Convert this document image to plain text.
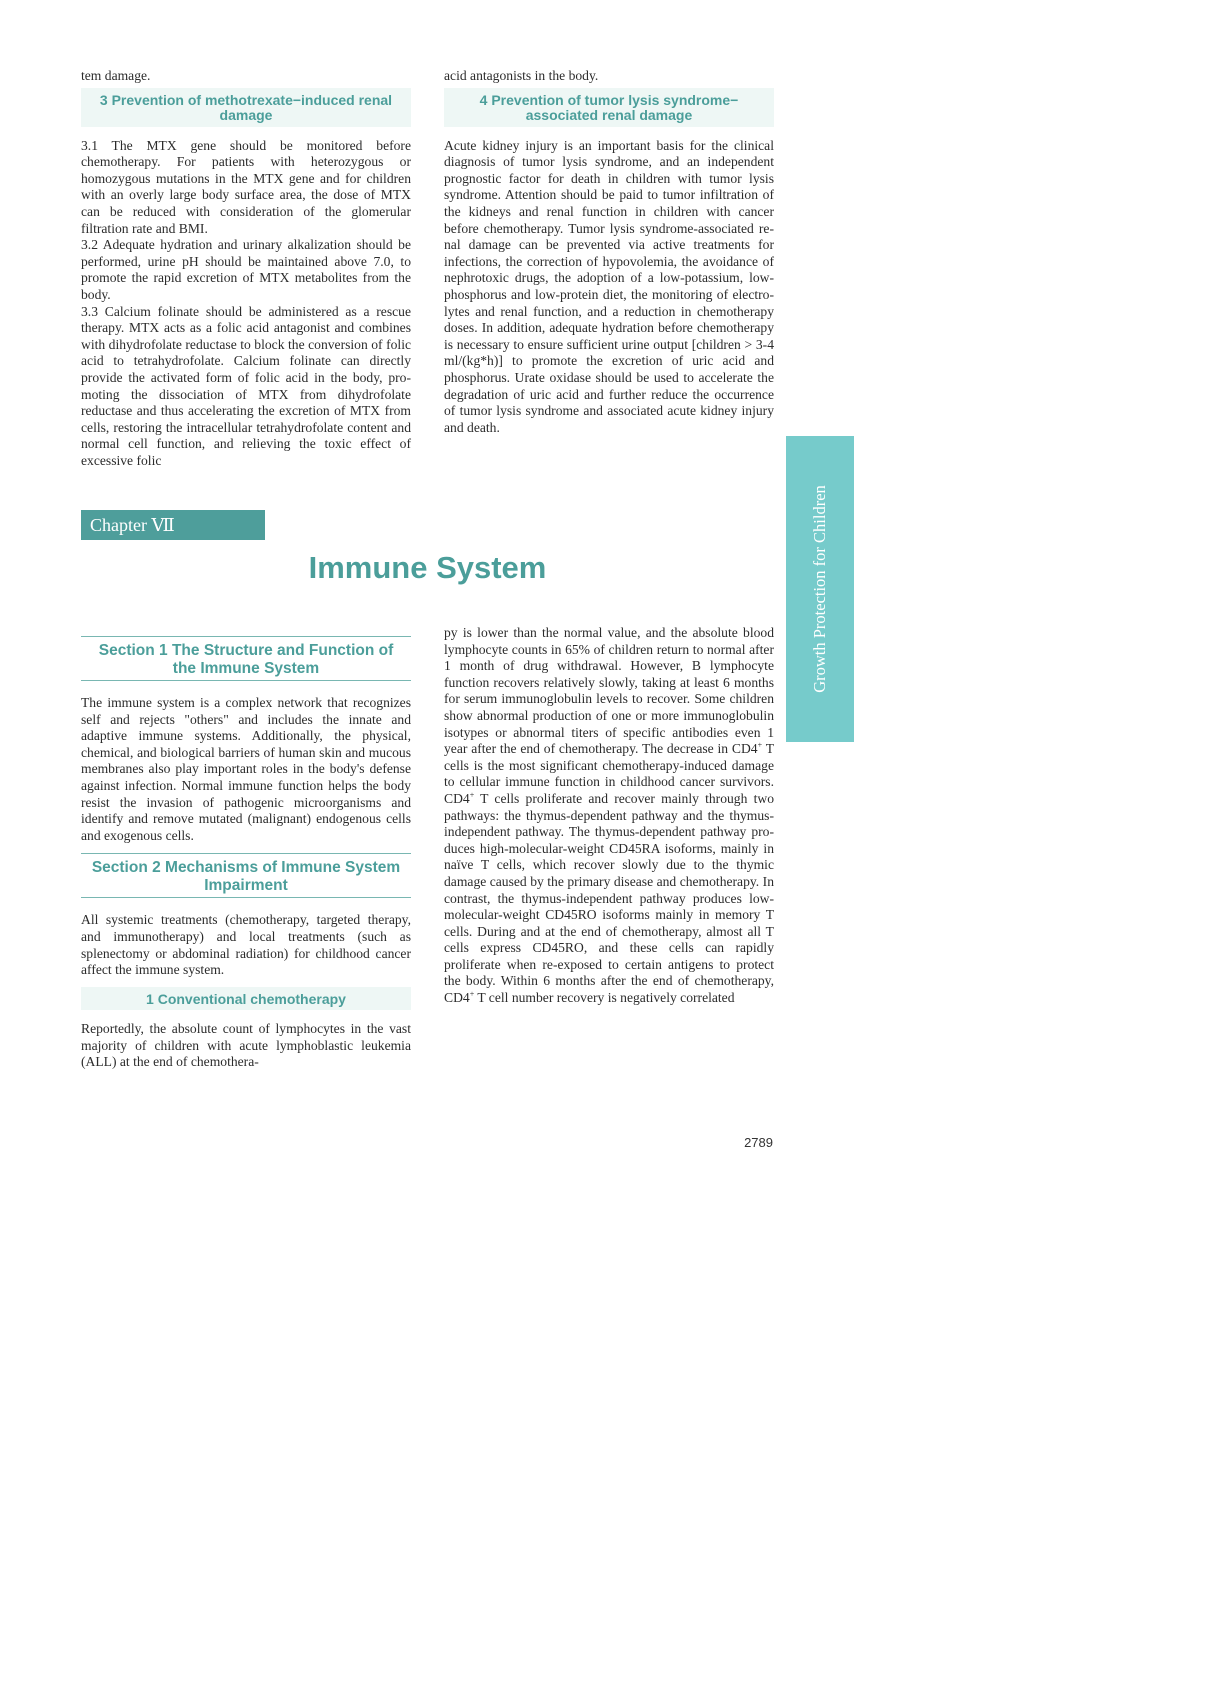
tem damage.

3 Prevention of methotrexate−induced renal damage

3.1 The MTX gene should be monitored before chemotherapy. For patients with heterozygous or homozygous mutations in the MTX gene and for children with an overly large body surface area, the dose of MTX can be reduced with consideration of the glomerular filtration rate and BMI.

3.2 Adequate hydration and urinary alkalization should be performed, urine pH should be maintained above 7.0, to promote the rapid excretion of MTX metabolites from the body.

3.3 Calcium folinate should be administered as a rescue therapy. MTX acts as a folic acid antagonist and combines with dihydrofolate reductase to block the conversion of folic acid to tetrahydrofolate. Calcium folinate can directly provide the activated form of folic acid in the body, promoting the dissociation of MTX from dihydrofolate reductase and thus accelerating the excretion of MTX from cells, restoring the intracellular tetrahydrofolate content and normal cell function, and relieving the toxic effect of excessive folic

acid antagonists in the body.

4 Prevention of tumor lysis syndrome− associated renal damage

Acute kidney injury is an important basis for the clinical diagnosis of tumor lysis syndrome, and an independent prognostic factor for death in children with tumor lysis syndrome. Attention should be paid to tumor infiltration of the kidneys and renal function in children with cancer before chemotherapy. Tumor lysis syndrome-associated renal damage can be prevented via active treatments for infections, the correction of hypovolemia, the avoidance of nephrotoxic drugs, the adoption of a low-potassium, low-phosphorus and low-protein diet, the monitoring of electrolytes and renal function, and a reduction in chemotherapy doses. In addition, adequate hydration before chemotherapy is necessary to ensure sufficient urine output [children > 3-4 ml/(kg*h)] to promote the excretion of uric acid and phosphorus. Urate oxidase should be used to accelerate the degradation of uric acid and further reduce the occurrence of tumor lysis syndrome and associated acute kidney injury and death.

Chapter Ⅶ
Immune System
Section 1 The Structure and Function of the Immune System

The immune system is a complex network that recognizes self and rejects "others" and includes the innate and adaptive immune systems. Additionally, the physical, chemical, and biological barriers of human skin and mucous membranes also play important roles in the body's defense against infection. Normal immune function helps the body resist the invasion of pathogenic microorganisms and identify and remove mutated (malignant) endogenous cells and exogenous cells.

Section 2 Mechanisms of Immune System Impairment

All systemic treatments (chemotherapy, targeted therapy, and immunotherapy) and local treatments (such as splenectomy or abdominal radiation) for childhood cancer affect the immune system.

1 Conventional chemotherapy

Reportedly, the absolute count of lymphocytes in the vast majority of children with acute lymphoblastic leukemia (ALL) at the end of chemothera-

py is lower than the normal value, and the absolute blood lymphocyte counts in 65% of children return to normal after 1 month of drug withdrawal. However, B lymphocyte function recovers relatively slowly, taking at least 6 months for serum immunoglobulin levels to recover. Some children show abnormal production of one or more immunoglobulin isotypes or abnormal titers of specific antibodies even 1 year after the end of chemotherapy. The decrease in CD4+ T cells is the most significant chemotherapy-induced damage to cellular immune function in childhood cancer survivors. CD4+ T cells proliferate and recover mainly through two pathways: the thymus-dependent pathway and the thymus-independent pathway. The thymus-dependent pathway produces high-molecular-weight CD45RA isoforms, mainly in naïve T cells, which recover slowly due to the thymic damage caused by the primary disease and chemotherapy. In contrast, the thymus-independent pathway produces low-molecular-weight CD45RO isoforms mainly in memory T cells. During and at the end of chemotherapy, almost all T cells express CD45RO, and these cells can rapidly proliferate when re-exposed to certain antigens to protect the body. Within 6 months after the end of chemotherapy, CD4+ T cell number recovery is negatively correlated

Growth Protection for Children
2789
